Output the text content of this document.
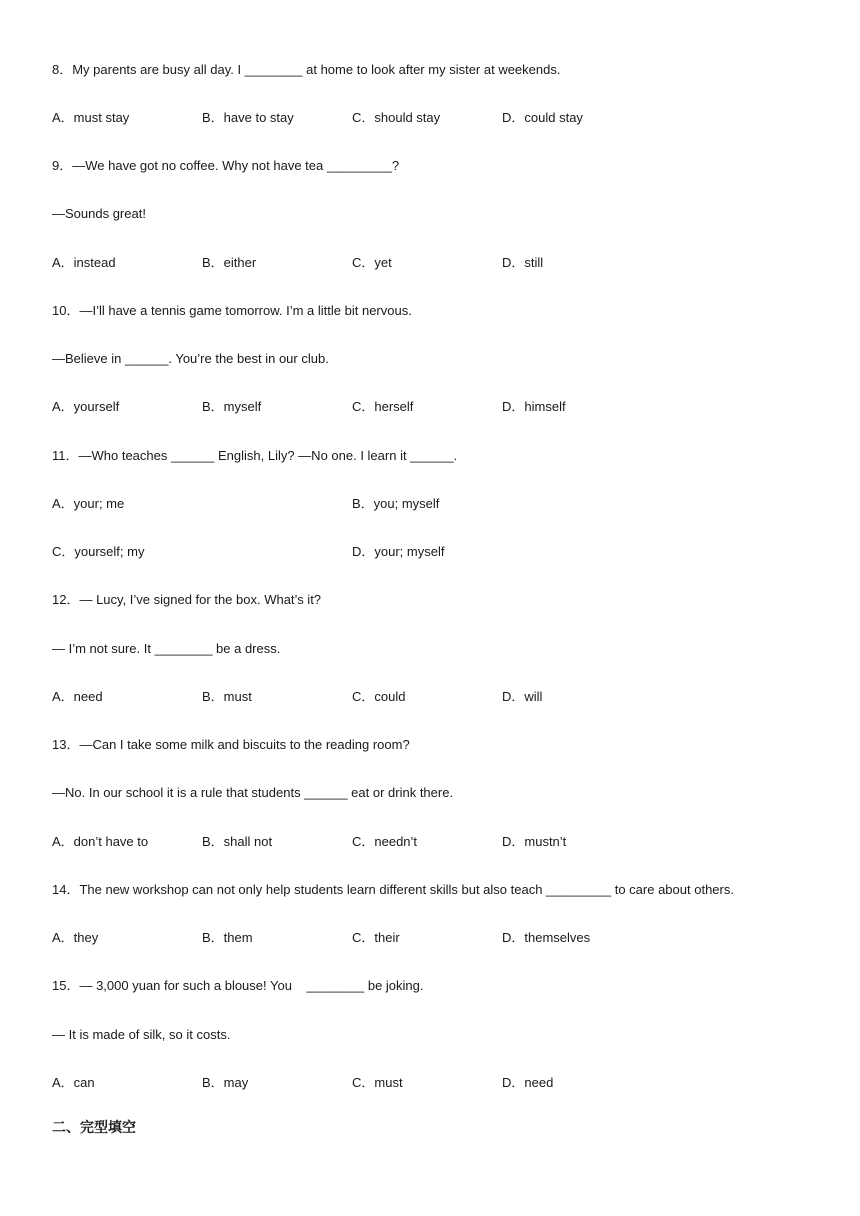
8．My parents are busy all day. I ________ at home to look after my sister at weekends.
A．must stay	B．have to stay	C．should stay	D．could stay
9．—We have got no coffee. Why not have tea _________?
—Sounds great!
A．instead	B．either	C．yet	D．still
10．—I’ll have a tennis game tomorrow. I’m a little bit nervous.
—Believe in ______. You’re the best in our club.
A．yourself	B．myself	C．herself	D．himself
11．—Who teaches ______ English, Lily? —No one. I learn it ______.
A．your; me	B．you; myself
C．yourself; my	D．your; myself
12．— Lucy, I’ve signed for the box. What’s it?
— I’m not sure. It ________ be a dress.
A．need	B．must	C．could	D．will
13．—Can I take some milk and biscuits to the reading room?
—No. In our school it is a rule that students ______ eat or drink there.
A．don’t have to	B．shall not	C．needn’t	D．mustn’t
14．The new workshop can not only help students learn different skills but also teach _________ to care about others.
A．they	B．them	C．their	D．themselves
15．— 3,000 yuan for such a blouse! You    ________ be joking.
— It is made of silk, so it costs.
A．can	B．may	C．must	D．need
二、完型填空
